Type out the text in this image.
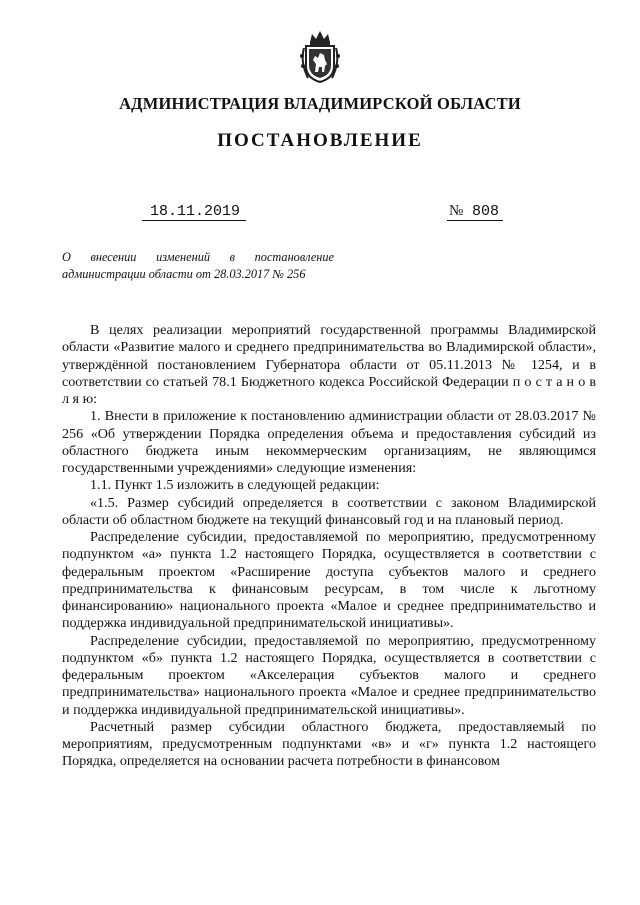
АДМИНИСТРАЦИЯ ВЛАДИМИРСКОЙ ОБЛАСТИ
ПОСТАНОВЛЕНИЕ
18.11.2019	№ 808
О внесении изменений в постановление администрации области от 28.03.2017 № 256

В целях реализации мероприятий государственной программы Владимирской области «Развитие малого и среднего предпринимательства во Владимирской области», утверждённой постановлением Губернатора области от 05.11.2013 № 1254, и в соответствии со статьей 78.1 Бюджетного кодекса Российской Федерации п о с т а н о в л я ю:

1. Внести в приложение к постановлению администрации области от 28.03.2017 № 256 «Об утверждении Порядка определения объема и предоставления субсидий из областного бюджета иным некоммерческим организациям, не являющимся государственными учреждениями» следующие изменения:

1.1. Пункт 1.5 изложить в следующей редакции:

«1.5. Размер субсидий определяется в соответствии с законом Владимирской области об областном бюджете на текущий финансовый год и на плановый период.

Распределение субсидии, предоставляемой по мероприятию, предусмотренному подпунктом «а» пункта 1.2 настоящего Порядка, осуществляется в соответствии с федеральным проектом «Расширение доступа субъектов малого и среднего предпринимательства к финансовым ресурсам, в том числе к льготному финансированию» национального проекта «Малое и среднее предпринимательство и поддержка индивидуальной предпринимательской инициативы».

Распределение субсидии, предоставляемой по мероприятию, предусмотренному подпунктом «б» пункта 1.2 настоящего Порядка, осуществляется в соответствии с федеральным проектом «Акселерация субъектов малого и среднего предпринимательства» национального проекта «Малое и среднее предпринимательство и поддержка индивидуальной предпринимательской инициативы».

Расчетный размер субсидии областного бюджета, предоставляемый по мероприятиям, предусмотренным подпунктами «в» и «г» пункта 1.2 настоящего Порядка, определяется на основании расчета потребности в финансовом
